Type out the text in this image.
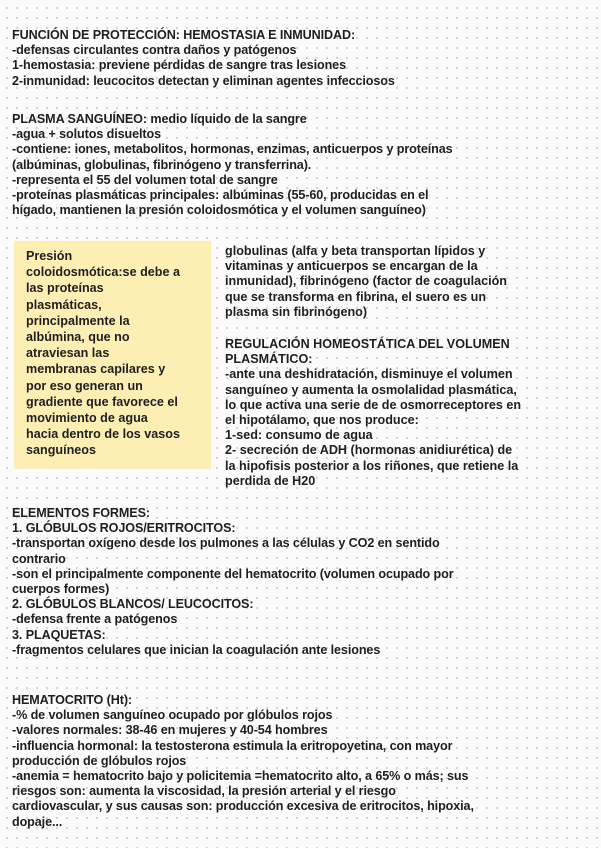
FUNCIÓN DE PROTECCIÓN: HEMOSTASIA E INMUNIDAD:
-defensas circulantes contra daños y patógenos
1-hemostasia: previene pérdidas de sangre tras lesiones
2-inmunidad: leucocitos detectan y eliminan agentes infecciosos
PLASMA SANGUÍNEO: medio líquido de la sangre
-agua + solutos disueltos
-contiene: iones, metabolitos, hormonas, enzimas, anticuerpos y proteínas
(albúminas, globulinas, fibrinógeno y transferrina).
-representa el 55 del volumen total de sangre
-proteínas plasmáticas principales: albúminas (55-60, producidas en el
hígado, mantienen la presión coloidosmótica y el volumen sanguíneo)
Presión
coloidosmótica:se debe a
las proteínas
plasmáticas,
principalmente la
albúmina, que no
atraviesan las
membranas capilares y
por eso generan un
gradiente que favorece el
movimiento de agua
hacia dentro de los vasos
sanguíneos
globulinas (alfa y beta transportan lípidos y
vitaminas y anticuerpos se encargan de la
inmunidad), fibrinógeno (factor de coagulación
que se transforma en fibrina, el suero es un
plasma sin fibrinógeno)
REGULACIÓN HOMEOSTÁTICA DEL VOLUMEN
PLASMÁTICO:
-ante una deshidratación, disminuye el volumen
sanguíneo y aumenta la osmolalidad plasmática,
lo que activa una serie de de osmorreceptores en
el hipotálamo, que nos produce:
1-sed: consumo de agua
2- secreción de ADH (hormonas anidiurética) de
la hipofisis posterior a los riñones, que retiene la
perdida de H20
ELEMENTOS FORMES:
1. GLÓBULOS ROJOS/ERITROCITOS:
-transportan oxígeno desde los pulmones a las células y CO2 en sentido
contrario
-son el principalmente componente del hematocrito (volumen ocupado por
cuerpos formes)
2. GLÓBULOS BLANCOS/ LEUCOCITOS:
-defensa frente a patógenos
3. PLAQUETAS:
-fragmentos celulares que inician la coagulación ante lesiones
HEMATOCRITO (Ht):
-% de volumen sanguíneo ocupado por glóbulos rojos
-valores normales: 38-46 en mujeres y 40-54 hombres
-influencia hormonal: la testosterona estimula la eritropoyetina, con mayor
producción de glóbulos rojos
-anemia = hematocrito bajo y policitemia =hematocrito alto, a 65% o más; sus
riesgos son: aumenta la viscosidad, la presión arterial y el riesgo
cardiovascular, y sus causas son: producción excesiva de eritrocitos, hipoxia,
dopaje...
